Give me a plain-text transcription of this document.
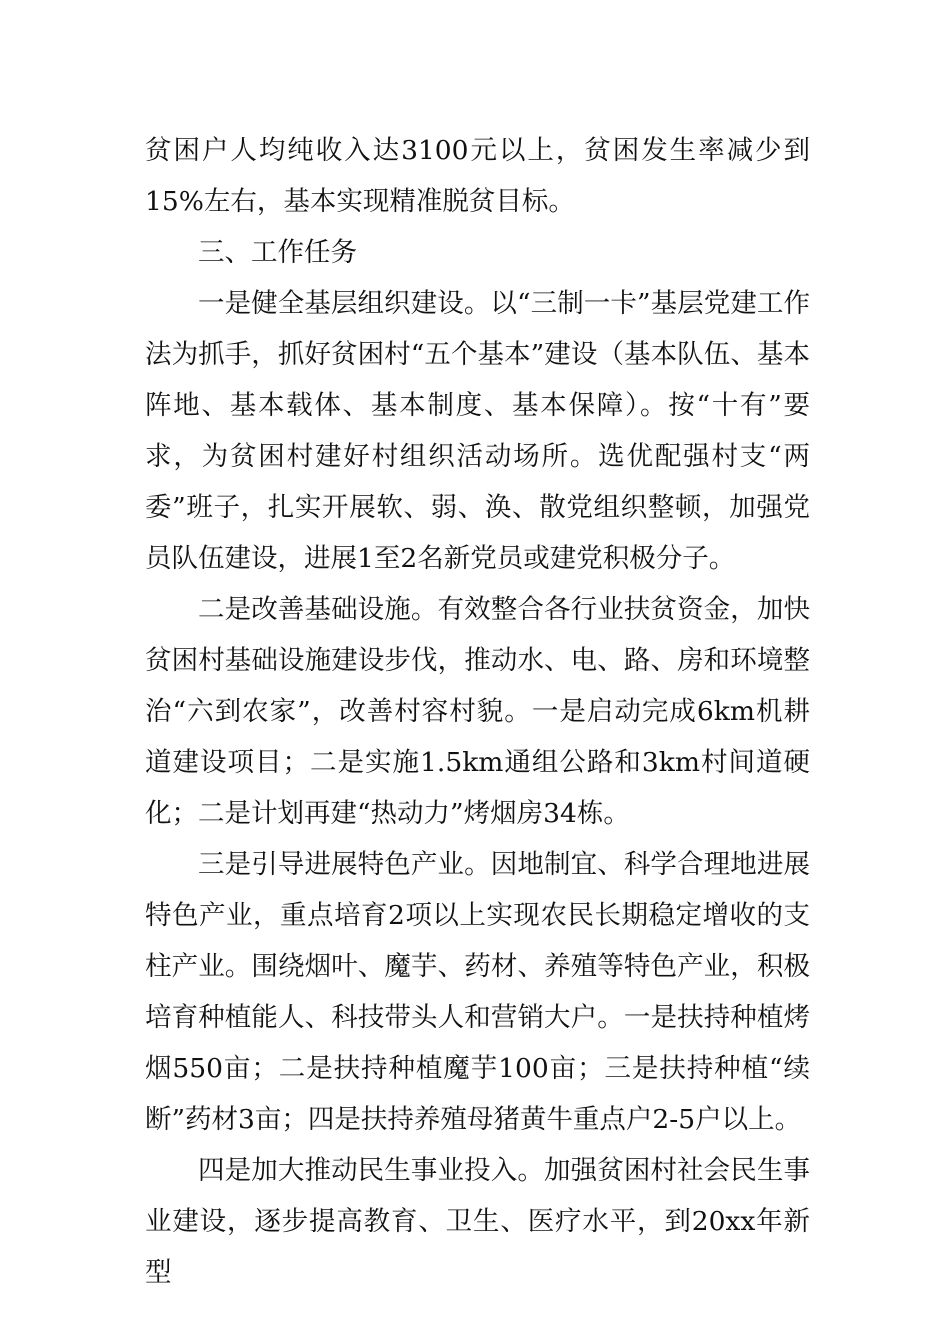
贫困户人均纯收入达3100元以上，贫困发生率减少到15%左右，基本实现精准脱贫目标。

三、工作任务

一是健全基层组织建设。以“三制一卡”基层党建工作法为抓手，抓好贫困村“五个基本”建设（基本队伍、基本阵地、基本载体、基本制度、基本保障）。按“十有”要求，为贫困村建好村组织活动场所。选优配强村支“两委”班子，扎实开展软、弱、涣、散党组织整顿，加强党员队伍建设，进展1至2名新党员或建党积极分子。

二是改善基础设施。有效整合各行业扶贫资金，加快贫困村基础设施建设步伐，推动水、电、路、房和环境整治“六到农家”，改善村容村貌。一是启动完成6km机耕道建设项目；二是实施1.5km通组公路和3km村间道硬化；二是计划再建“热动力”烤烟房34栋。

三是引导进展特色产业。因地制宜、科学合理地进展特色产业，重点培育2项以上实现农民长期稳定增收的支柱产业。围绕烟叶、魔芋、药材、养殖等特色产业，积极培育种植能人、科技带头人和营销大户。一是扶持种植烤烟550亩；二是扶持种植魔芋100亩；三是扶持种植“续断”药材3亩；四是扶持养殖母猪黄牛重点户2-5户以上。

四是加大推动民生事业投入。加强贫困村社会民生事业建设，逐步提高教育、卫生、医疗水平，到20xx年新型
